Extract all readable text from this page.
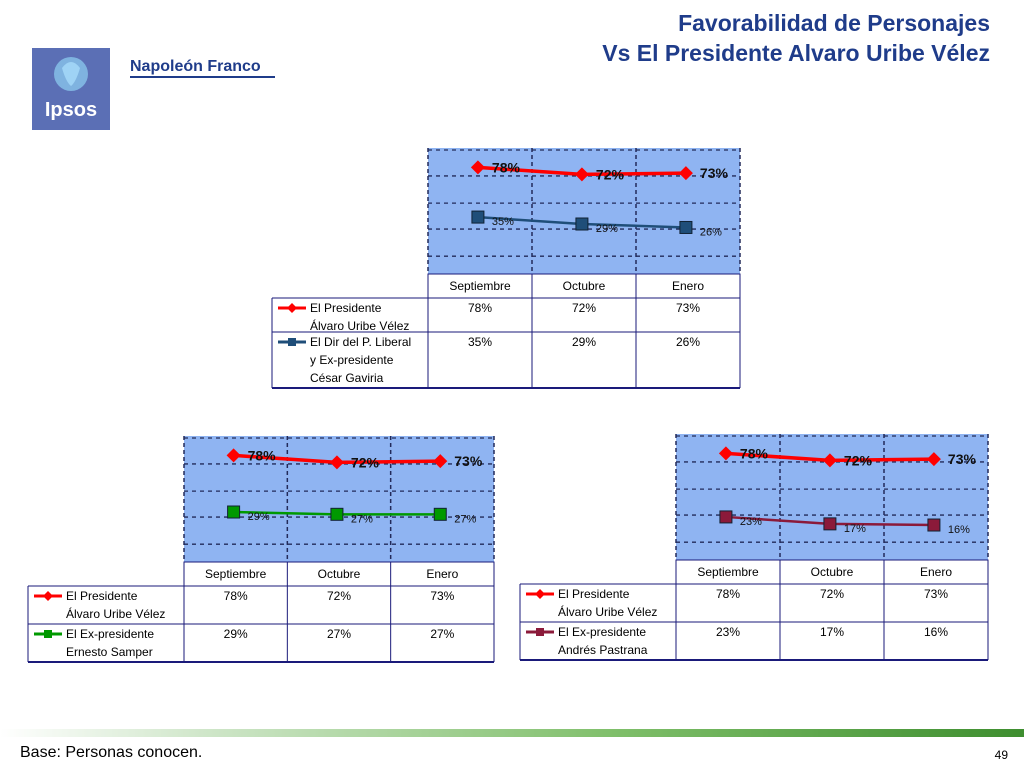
Favorabilidad de Personajes
Vs El Presidente Alvaro Uribe Vélez
Ipsos
Napoleón Franco
78%	72%	73%
35%
29%	26%
Septiembre	Octubre	Enero
El Presidente
Álvaro Uribe Vélez
78%	72%	73%
El Dir del P. Liberal
y Ex-presidente
César Gaviria
35%	29%	26%
78%	72%	73%
29%	27%	27%
Septiembre	Octubre	Enero
El Presidente
Álvaro Uribe Vélez
78%	72%	73%
El Ex-presidente
Ernesto Samper
29%	27%	27%
78%	72%	73%
23%
17%	16%
Septiembre	Octubre	Enero
El Presidente
Álvaro Uribe Vélez
78%	72%	73%
El Ex-presidente
Andrés Pastrana
23%	17%	16%
Base: Personas conocen.	49
